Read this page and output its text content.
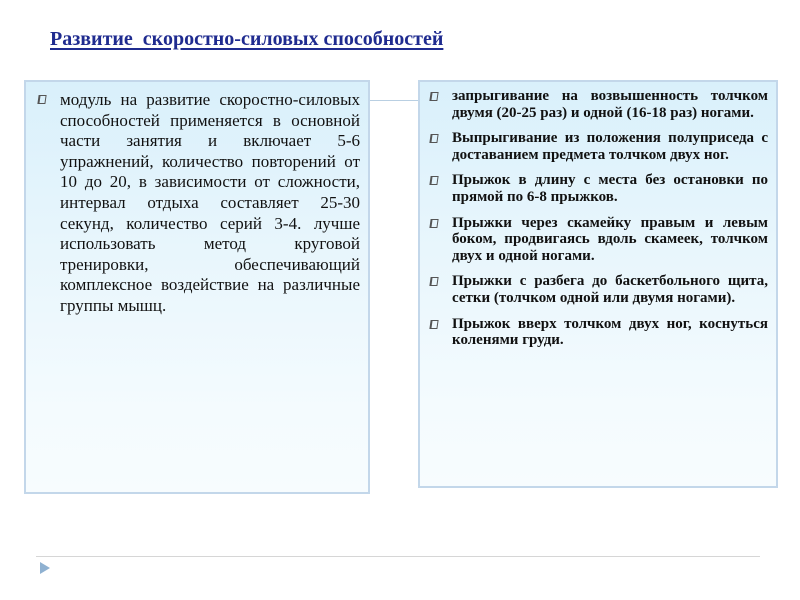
Развитие  скоростно-силовых способностей
модуль на развитие скоростно-силовых способностей применяется в основной части занятия и включает 5-6 упражнений, количество повторений от 10 до 20, в зависимости от сложности, интервал отдыха составляет 25-30 секунд, количество серий 3-4. лучше использовать метод круговой тренировки, обеспечивающий комплексное воздействие на различные группы мышц.
запрыгивание на возвышенность толчком двумя (20-25 раз) и одной (16-18 раз) ногами.
Выпрыгивание из положения полуприседа с доставанием предмета толчком двух ног.
Прыжок в длину с места без остановки по прямой по 6-8 прыжков.
Прыжки через скамейку правым и левым боком, продвигаясь вдоль скамеек, толчком двух и одной ногами.
Прыжки с разбега до баскетбольного щита, сетки (толчком одной или двумя ногами).
Прыжок вверх толчком двух ног, коснуться коленями груди.
